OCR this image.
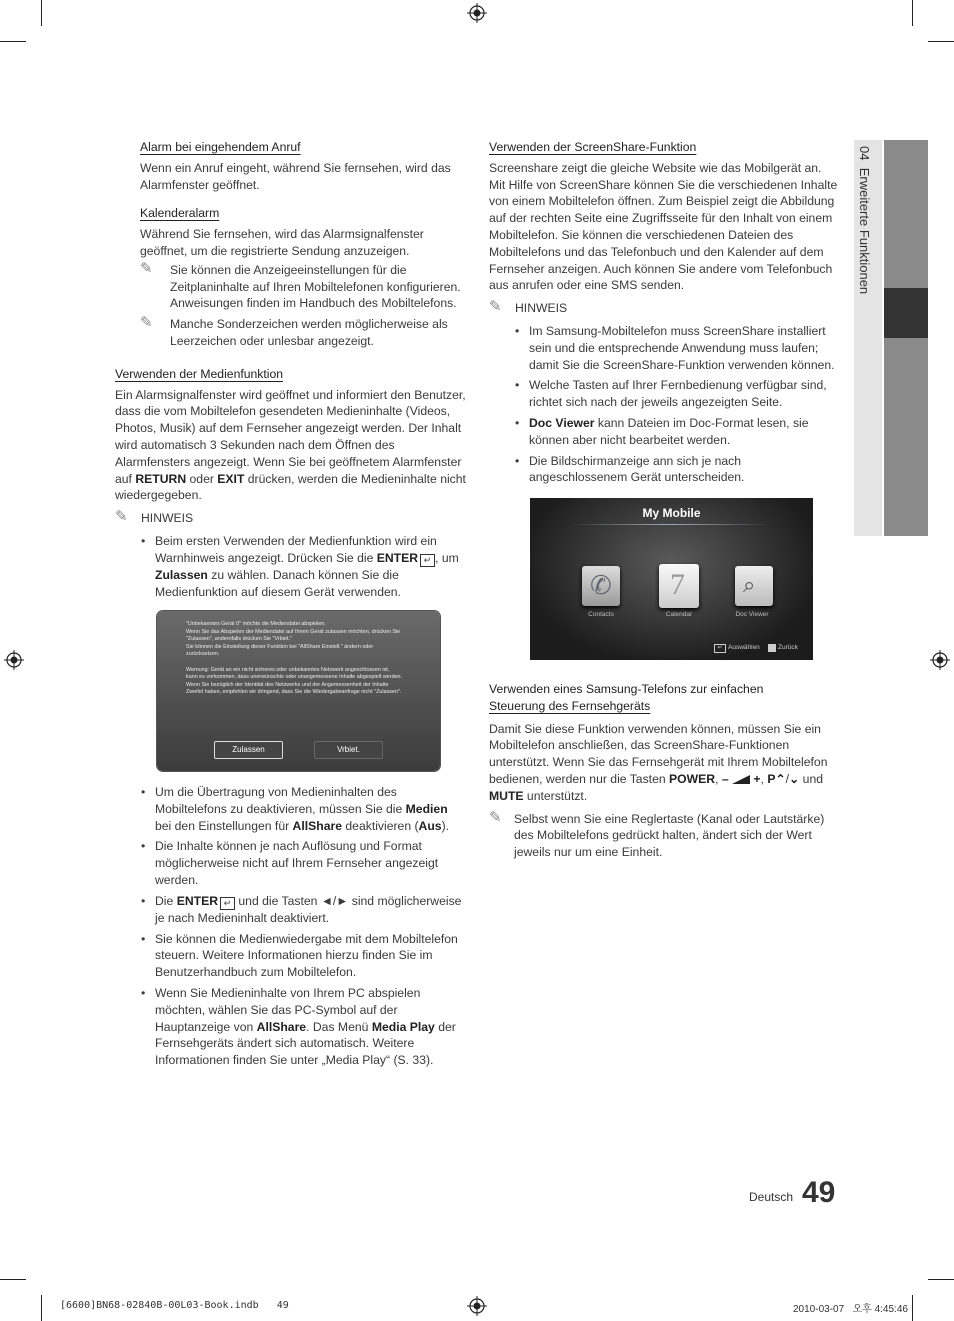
04  Erweiterte Funktionen

Alarm bei eingehendem Anruf

Wenn ein Anruf eingeht, während Sie fernsehen, wird das Alarmfenster geöffnet.

Kalenderalarm

Während Sie fernsehen, wird das Alarmsignalfenster geöffnet, um die registrierte Sendung anzuzeigen.

✎ Sie können die Anzeigeeinstellungen für die Zeitplaninhalte auf Ihren Mobiltelefonen konfigurieren. Anweisungen finden im Handbuch des Mobiltelefons.
✎ Manche Sonderzeichen werden möglicherweise als Leerzeichen oder unlesbar angezeigt.

Verwenden der Medienfunktion

Ein Alarmsignalfenster wird geöffnet und informiert den Benutzer, dass die vom Mobiltelefon gesendeten Medieninhalte (Videos, Photos, Musik) auf dem Fernseher angezeigt werden. Der Inhalt wird automatisch 3 Sekunden nach dem Öffnen des Alarmfensters angezeigt. Wenn Sie bei geöffnetem Alarmfenster auf RETURN oder EXIT drücken, werden die Medieninhalte nicht wiedergegeben.

✎ HINWEIS
• Beim ersten Verwenden der Medienfunktion wird ein Warnhinweis angezeigt. Drücken Sie die ENTER ↵ , um Zulassen zu wählen. Danach können Sie die Medienfunktion auf diesem Gerät verwenden.
"Unbekanntes Gerät 0" möchte die Mediendatei abspielen.
Wenn Sie das Abspielen der Mediendatei auf Ihrem Gerät zulassen möchten, drücken Sie
"Zulassen", andernfalls drücken Sie "Vrbiet."
Sie können die Einstellung dieser Funktion bei "AllShare Einstell." ändern oder
zurücksetzen.
Warnung: Gerät an ein nicht sicheres oder unbekanntes Netzwerk angeschlossen ist,
kann es vorkommen, dass unerwünschte oder unangemessene Inhalte abgespielt werden.
Wenn Sie bezüglich der Identität des Netzwerks und der Angemessenheit der Inhalte
Zweifel haben, empfehlen wir dringend, dass Sie die Wiedergabeanfrage nicht "Zulassen".
Zulassen	Vrbiet.
• Um die Übertragung von Medieninhalten des Mobiltelefons zu deaktivieren, müssen Sie die Medien bei den Einstellungen für AllShare deaktivieren (Aus).
• Die Inhalte können je nach Auflösung und Format möglicherweise nicht auf Ihrem Fernseher angezeigt werden.
• Die ENTER ↵ und die Tasten ◄/► sind möglicherweise je nach Medieninhalt deaktiviert.
• Sie können die Medienwiedergabe mit dem Mobiltelefon steuern. Weitere Informationen hierzu finden Sie im Benutzerhandbuch zum Mobiltelefon.
• Wenn Sie Medieninhalte von Ihrem PC abspielen möchten, wählen Sie das PC-Symbol auf der Hauptanzeige von AllShare. Das Menü Media Play der Fernsehgeräts ändert sich automatisch. Weitere Informationen finden Sie unter „Media Play“ (S. 33).

Verwenden der ScreenShare-Funktion

Screenshare zeigt die gleiche Website wie das Mobilgerät an. Mit Hilfe von ScreenShare können Sie die verschiedenen Inhalte von einem Mobiltelefon öffnen. Zum Beispiel zeigt die Abbildung auf der rechten Seite eine Zugriffsseite für den Inhalt von einem Mobiltelefon. Sie können die verschiedenen Dateien des Mobiltelefons und das Telefonbuch und den Kalender auf dem Fernseher anzeigen. Auch können Sie andere vom Telefonbuch aus anrufen oder eine SMS senden.

✎ HINWEIS
• Im Samsung-Mobiltelefon muss ScreenShare installiert sein und die entsprechende Anwendung muss laufen; damit Sie die ScreenShare-Funktion verwenden können.
• Welche Tasten auf Ihrer Fernbedienung verfügbar sind, richtet sich nach der jeweils angezeigten Seite.
• Doc Viewer kann Dateien im Doc-Format lesen, sie können aber nicht bearbeitet werden.
• Die Bildschirmanzeige ann sich je nach angeschlossenem Gerät unterscheiden.
My Mobile
✆
Contacts
7
Calendar
⌕
Doc Viewer
↵ Auswählen	Zurück

Verwenden eines Samsung-Telefons zur einfachen
Steuerung des Fernsehgeräts

Damit Sie diese Funktion verwenden können, müssen Sie ein Mobiltelefon anschließen, das ScreenShare-Funktionen unterstützt. Wenn Sie das Fernsehgerät mit Ihrem Mobiltelefon bedienen, werden nur die Tasten POWER, – +, P⌃/⌄ und MUTE unterstützt.

✎ Selbst wenn Sie eine Reglertaste (Kanal oder Lautstärke) des Mobiltelefons gedrückt halten, ändert sich der Wert jeweils nur um eine Einheit.
Deutsch 49
[6600]BN68-02840B-00L03-Book.indb   49	2010-03-07   오후 4:45:46
